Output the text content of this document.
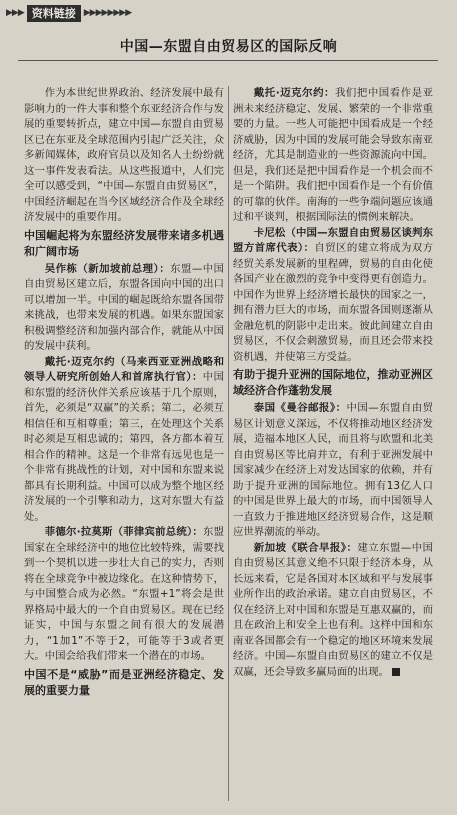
▶▶▶ 资料链接 ▶▶▶▶▶▶▶▶
中国—东盟自由贸易区的国际反响

作为本世纪世界政治、经济发展中最有影响力的一件大事和整个东亚经济合作与发展的重要转折点，建立中国—东盟自由贸易区已在东亚及全球范围内引起广泛关注，众多新闻媒体，政府官员以及知名人士纷纷就这一事件发表看法。从这些报道中，人们完全可以感受到，“中国—东盟自由贸易区”，中国经济崛起在当今区域经济合作及全球经济发展中的重要作用。

中国崛起将为东盟经济发展带来诸多机遇和广阔市场

吴作栋（新加坡前总理）：东盟—中国自由贸易区建立后，东盟各国向中国的出口可以增加一半。中国的崛起既给东盟各国带来挑战，也带来发展的机遇。如果东盟国家积极调整经济和加强内部合作，就能从中国的发展中获利。

戴托·迈克尔约（马来西亚亚洲战略和领导人研究所创始人和首席执行官）：中国和东盟的经济伙伴关系应该基于几个原则，首先，必须是“双赢”的关系；第二，必须互相信任和互相尊重；第三，在处理这个关系时必须是互相忠诚的；第四，各方都本着互相合作的精神。这是一个非常有远见也是一个非常有挑战性的计划，对中国和东盟来说都具有长期利益。中国可以成为整个地区经济发展的一个引擎和动力，这对东盟大有益处。

菲德尔·拉莫斯（菲律宾前总统）：东盟国家在全球经济中的地位比较特殊，需要找到一个契机以进一步壮大自己的实力，否则将在全球竞争中被边缘化。在这种情势下，与中国整合成为必然。“东盟+1”将会是世界格局中最大的一个自由贸易区。现在已经证实，中国与东盟之间有很大的发展潜力，“1加1”不等于2，可能等于3或者更大。中国会给我们带来一个潜在的市场。

中国不是“威胁”而是亚洲经济稳定、发展的重要力量

戴托·迈克尔约：我们把中国看作是亚洲未来经济稳定、发展、繁荣的一个非常重要的力量。一些人可能把中国看成是一个经济威胁，因为中国的发展可能会导致东南亚经济，尤其是制造业的一些资源流向中国。但是，我们还是把中国看作是一个机会而不是一个陷阱。我们把中国看作是一个有价值的可靠的伙伴。南海的一些争端问题应该通过和平谈判，根据国际法的惯例来解决。

卡尼松（中国—东盟自由贸易区谈判东盟方首席代表）：自贸区的建立将成为双方经贸关系发展新的里程碑，贸易的自由化使各国产业在激烈的竞争中变得更有创造力。中国作为世界上经济增长最快的国家之一，拥有潜力巨大的市场，而东盟各国则逐渐从金融危机的阴影中走出来。彼此间建立自由贸易区，不仅会刺激贸易，而且还会带来投资机遇，并使第三方受益。

有助于提升亚洲的国际地位，推动亚洲区域经济合作蓬勃发展

泰国《曼谷邮报》：中国—东盟自由贸易区计划意义深远，不仅将推动地区经济发展，造福本地区人民，而且将与欧盟和北美自由贸易区等比肩并立，有利于亚洲发展中国家减少在经济上对发达国家的依赖，并有助于提升亚洲的国际地位。拥有13亿人口的中国是世界上最大的市场，而中国领导人一直致力于推进地区经济贸易合作，这是顺应世界潮流的举动。

新加坡《联合早报》：建立东盟—中国自由贸易区其意义绝不只限于经济本身，从长远来看，它是各国对本区域和平与发展事业所作出的政治承诺。建立自由贸易区，不仅在经济上对中国和东盟是互惠双赢的，而且在政治上和安全上也有利。这样中国和东南亚各国都会有一个稳定的地区环境来发展经济。中国—东盟自由贸易区的建立不仅是双赢，还会导致多赢局面的出现。
